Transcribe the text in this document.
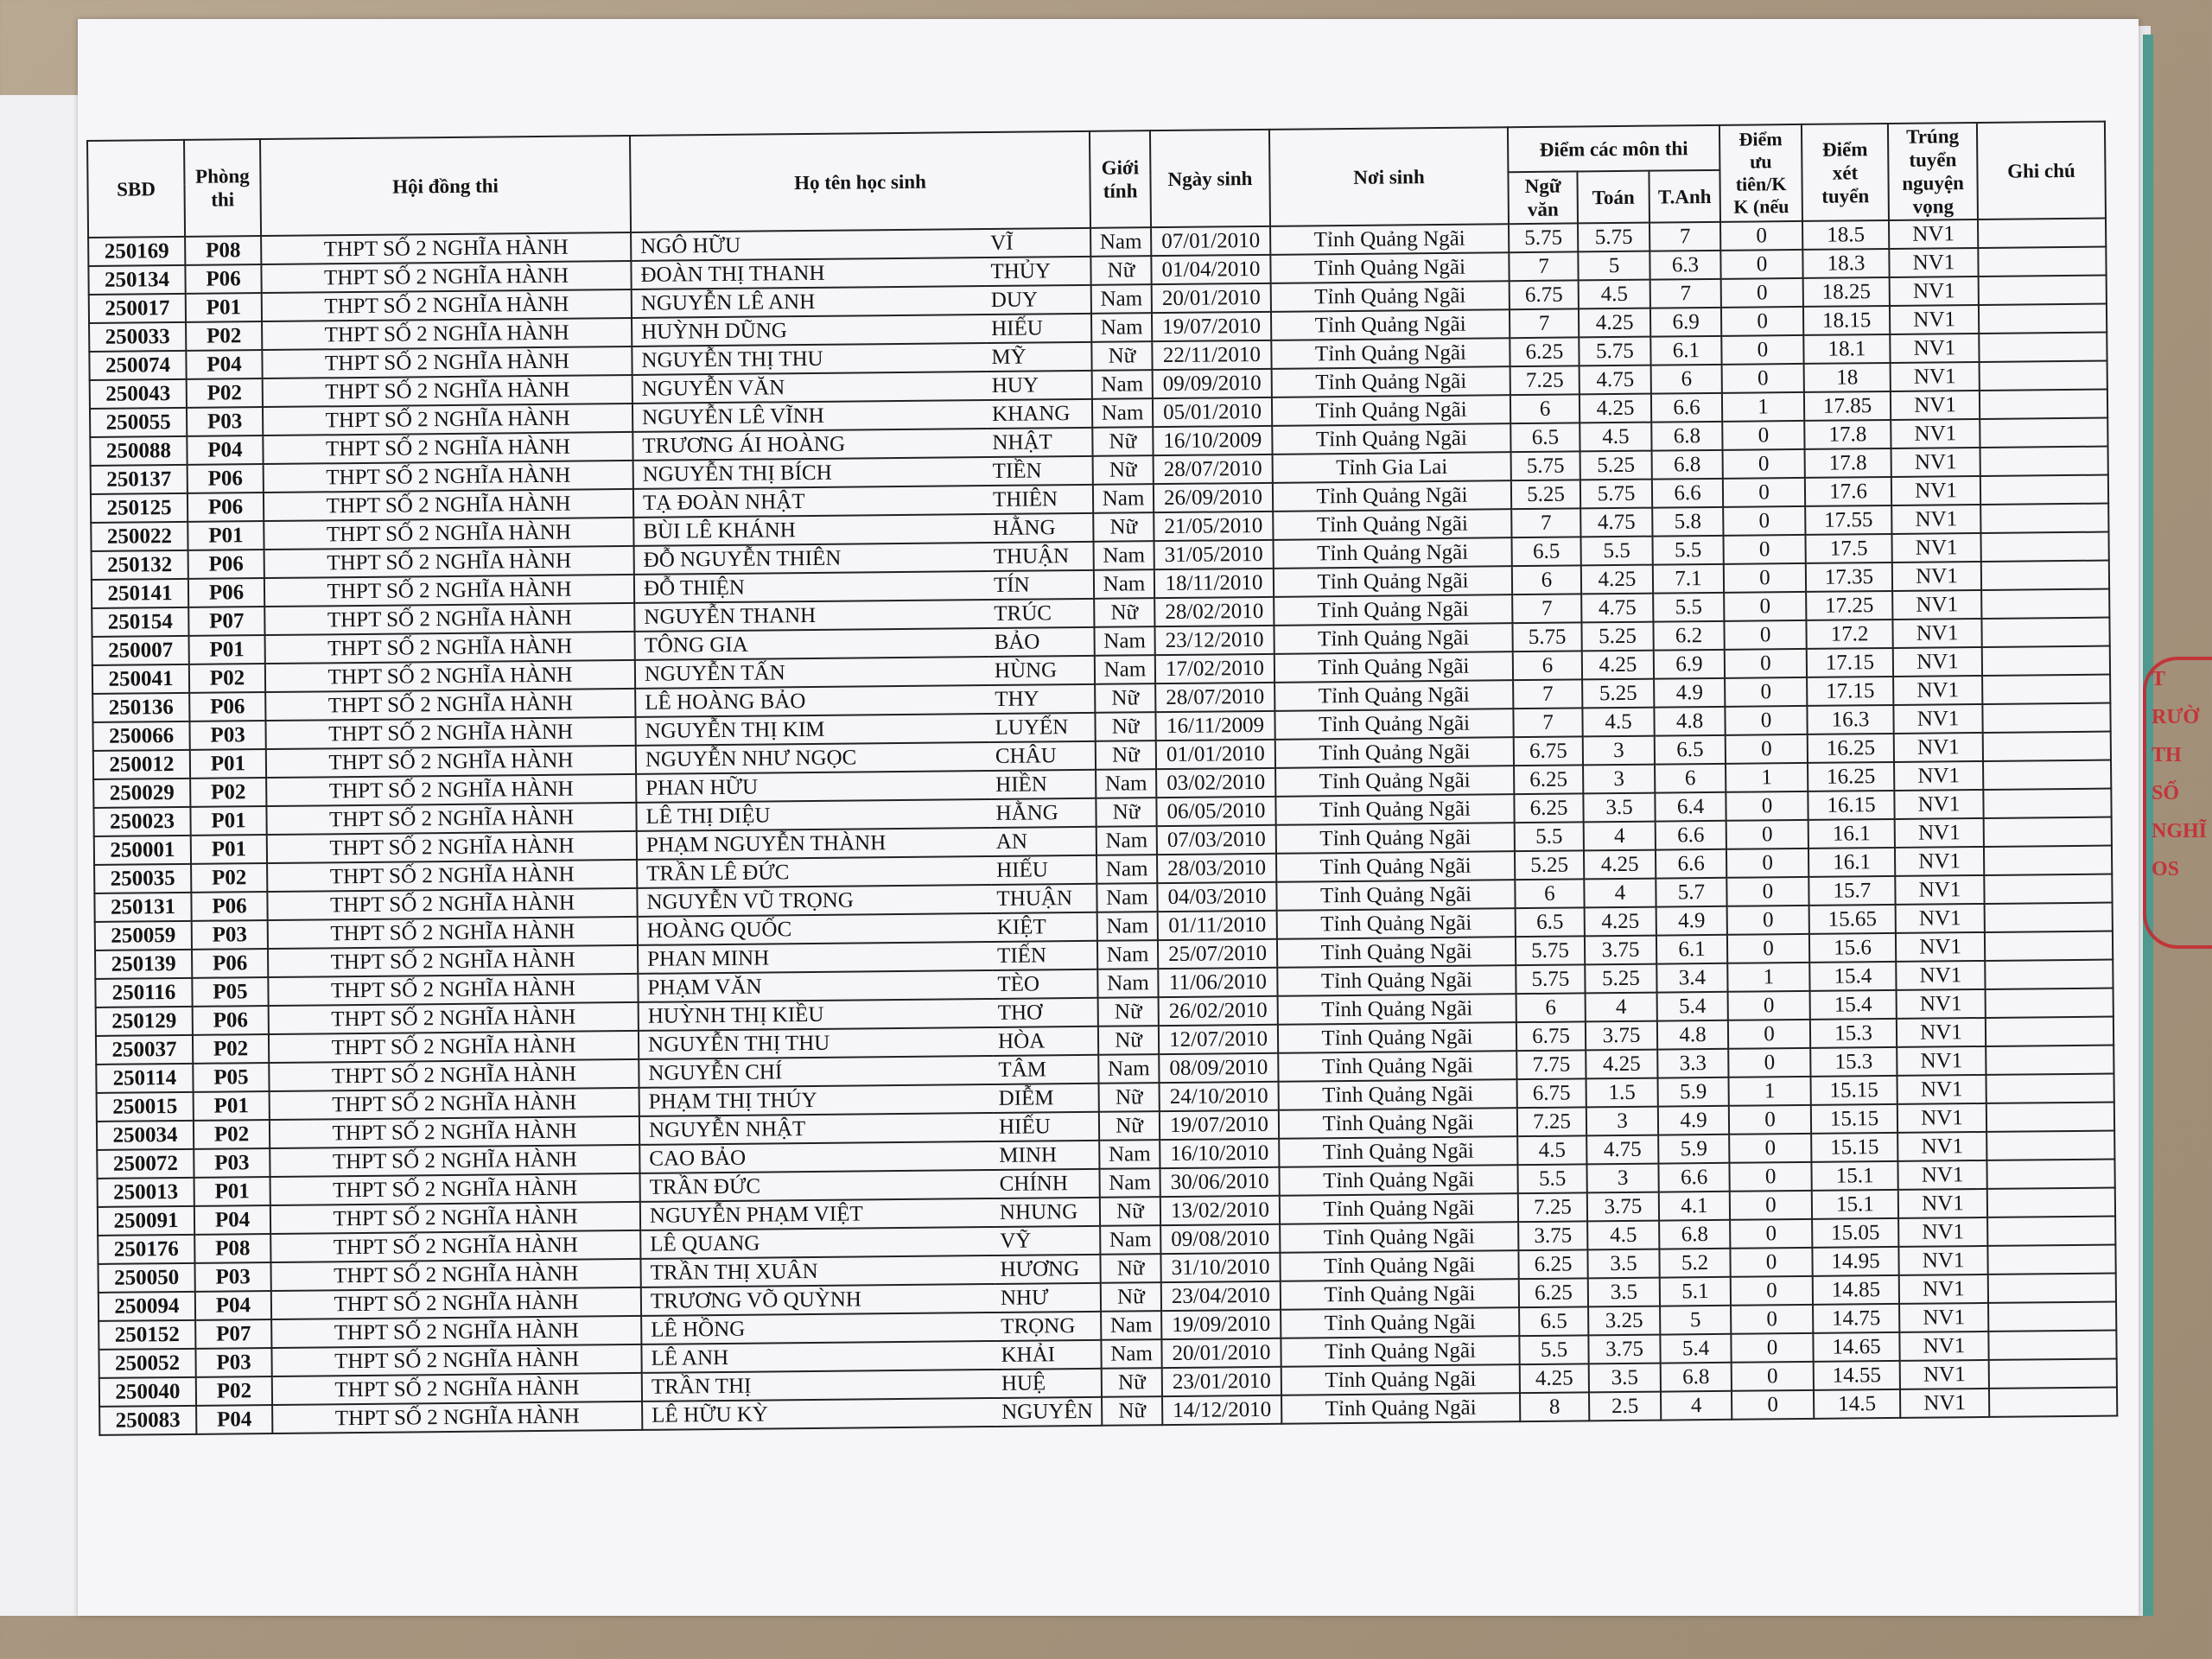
SBD	Phòng thi	Hội đồng thi	Họ tên học sinh		Giới tính	Ngày sinh	Nơi sinh	Điểm các môn thi			Điểm ưu tiên/K K (nếu	Điểm xét tuyển	Trúng tuyển nguyện vọng	Ghi chú
								Ngữ văn	Toán	T.Anh				
250169	P08	THPT SỐ 2 NGHĨA HÀNH	NGÔ HỮU	VĨ	Nam	07/01/2010	Tỉnh Quảng Ngãi	5.75	5.75	7	0	18.5	NV1	
250134	P06	THPT SỐ 2 NGHĨA HÀNH	ĐOÀN THỊ THANH	THỦY	Nữ	01/04/2010	Tỉnh Quảng Ngãi	7	5	6.3	0	18.3	NV1	
250017	P01	THPT SỐ 2 NGHĨA HÀNH	NGUYỄN LÊ ANH	DUY	Nam	20/01/2010	Tỉnh Quảng Ngãi	6.75	4.5	7	0	18.25	NV1	
250033	P02	THPT SỐ 2 NGHĨA HÀNH	HUỲNH DŨNG	HIẾU	Nam	19/07/2010	Tỉnh Quảng Ngãi	7	4.25	6.9	0	18.15	NV1	
250074	P04	THPT SỐ 2 NGHĨA HÀNH	NGUYỄN THỊ THU	MỸ	Nữ	22/11/2010	Tỉnh Quảng Ngãi	6.25	5.75	6.1	0	18.1	NV1	
250043	P02	THPT SỐ 2 NGHĨA HÀNH	NGUYỄN VĂN	HUY	Nam	09/09/2010	Tỉnh Quảng Ngãi	7.25	4.75	6	0	18	NV1	
250055	P03	THPT SỐ 2 NGHĨA HÀNH	NGUYỄN LÊ VĨNH	KHANG	Nam	05/01/2010	Tỉnh Quảng Ngãi	6	4.25	6.6	1	17.85	NV1	
250088	P04	THPT SỐ 2 NGHĨA HÀNH	TRƯƠNG ÁI HOÀNG	NHẬT	Nữ	16/10/2009	Tỉnh Quảng Ngãi	6.5	4.5	6.8	0	17.8	NV1	
250137	P06	THPT SỐ 2 NGHĨA HÀNH	NGUYỄN THỊ BÍCH	TIỀN	Nữ	28/07/2010	Tỉnh Gia Lai	5.75	5.25	6.8	0	17.8	NV1	
250125	P06	THPT SỐ 2 NGHĨA HÀNH	TẠ ĐOÀN NHẬT	THIÊN	Nam	26/09/2010	Tỉnh Quảng Ngãi	5.25	5.75	6.6	0	17.6	NV1	
250022	P01	THPT SỐ 2 NGHĨA HÀNH	BÙI LÊ KHÁNH	HẰNG	Nữ	21/05/2010	Tỉnh Quảng Ngãi	7	4.75	5.8	0	17.55	NV1	
250132	P06	THPT SỐ 2 NGHĨA HÀNH	ĐỖ NGUYỄN THIÊN	THUẬN	Nam	31/05/2010	Tỉnh Quảng Ngãi	6.5	5.5	5.5	0	17.5	NV1	
250141	P06	THPT SỐ 2 NGHĨA HÀNH	ĐỖ THIỆN	TÍN	Nam	18/11/2010	Tỉnh Quảng Ngãi	6	4.25	7.1	0	17.35	NV1	
250154	P07	THPT SỐ 2 NGHĨA HÀNH	NGUYỄN THANH	TRÚC	Nữ	28/02/2010	Tỉnh Quảng Ngãi	7	4.75	5.5	0	17.25	NV1	
250007	P01	THPT SỐ 2 NGHĨA HÀNH	TÔNG GIA	BẢO	Nam	23/12/2010	Tỉnh Quảng Ngãi	5.75	5.25	6.2	0	17.2	NV1	
250041	P02	THPT SỐ 2 NGHĨA HÀNH	NGUYỄN TẤN	HÙNG	Nam	17/02/2010	Tỉnh Quảng Ngãi	6	4.25	6.9	0	17.15	NV1	
250136	P06	THPT SỐ 2 NGHĨA HÀNH	LÊ HOÀNG BẢO	THY	Nữ	28/07/2010	Tỉnh Quảng Ngãi	7	5.25	4.9	0	17.15	NV1	
250066	P03	THPT SỐ 2 NGHĨA HÀNH	NGUYỄN THỊ KIM	LUYẾN	Nữ	16/11/2009	Tỉnh Quảng Ngãi	7	4.5	4.8	0	16.3	NV1	
250012	P01	THPT SỐ 2 NGHĨA HÀNH	NGUYỄN NHƯ NGỌC	CHÂU	Nữ	01/01/2010	Tỉnh Quảng Ngãi	6.75	3	6.5	0	16.25	NV1	
250029	P02	THPT SỐ 2 NGHĨA HÀNH	PHAN HỮU	HIỀN	Nam	03/02/2010	Tỉnh Quảng Ngãi	6.25	3	6	1	16.25	NV1	
250023	P01	THPT SỐ 2 NGHĨA HÀNH	LÊ THỊ DIỆU	HẰNG	Nữ	06/05/2010	Tỉnh Quảng Ngãi	6.25	3.5	6.4	0	16.15	NV1	
250001	P01	THPT SỐ 2 NGHĨA HÀNH	PHẠM NGUYỄN THÀNH	AN	Nam	07/03/2010	Tỉnh Quảng Ngãi	5.5	4	6.6	0	16.1	NV1	
250035	P02	THPT SỐ 2 NGHĨA HÀNH	TRẦN LÊ ĐỨC	HIẾU	Nam	28/03/2010	Tỉnh Quảng Ngãi	5.25	4.25	6.6	0	16.1	NV1	
250131	P06	THPT SỐ 2 NGHĨA HÀNH	NGUYỄN VŨ TRỌNG	THUẬN	Nam	04/03/2010	Tỉnh Quảng Ngãi	6	4	5.7	0	15.7	NV1	
250059	P03	THPT SỐ 2 NGHĨA HÀNH	HOÀNG QUỐC	KIỆT	Nam	01/11/2010	Tỉnh Quảng Ngãi	6.5	4.25	4.9	0	15.65	NV1	
250139	P06	THPT SỐ 2 NGHĨA HÀNH	PHAN MINH	TIẾN	Nam	25/07/2010	Tỉnh Quảng Ngãi	5.75	3.75	6.1	0	15.6	NV1	
250116	P05	THPT SỐ 2 NGHĨA HÀNH	PHẠM VĂN	TÈO	Nam	11/06/2010	Tỉnh Quảng Ngãi	5.75	5.25	3.4	1	15.4	NV1	
250129	P06	THPT SỐ 2 NGHĨA HÀNH	HUỲNH THỊ KIỀU	THƠ	Nữ	26/02/2010	Tỉnh Quảng Ngãi	6	4	5.4	0	15.4	NV1	
250037	P02	THPT SỐ 2 NGHĨA HÀNH	NGUYỄN THỊ THU	HÒA	Nữ	12/07/2010	Tỉnh Quảng Ngãi	6.75	3.75	4.8	0	15.3	NV1	
250114	P05	THPT SỐ 2 NGHĨA HÀNH	NGUYỄN CHÍ	TÂM	Nam	08/09/2010	Tỉnh Quảng Ngãi	7.75	4.25	3.3	0	15.3	NV1	
250015	P01	THPT SỐ 2 NGHĨA HÀNH	PHẠM THỊ THÚY	DIỄM	Nữ	24/10/2010	Tỉnh Quảng Ngãi	6.75	1.5	5.9	1	15.15	NV1	
250034	P02	THPT SỐ 2 NGHĨA HÀNH	NGUYỄN NHẬT	HIẾU	Nữ	19/07/2010	Tỉnh Quảng Ngãi	7.25	3	4.9	0	15.15	NV1	
250072	P03	THPT SỐ 2 NGHĨA HÀNH	CAO BẢO	MINH	Nam	16/10/2010	Tỉnh Quảng Ngãi	4.5	4.75	5.9	0	15.15	NV1	
250013	P01	THPT SỐ 2 NGHĨA HÀNH	TRẦN ĐỨC	CHÍNH	Nam	30/06/2010	Tỉnh Quảng Ngãi	5.5	3	6.6	0	15.1	NV1	
250091	P04	THPT SỐ 2 NGHĨA HÀNH	NGUYỄN PHẠM VIỆT	NHUNG	Nữ	13/02/2010	Tỉnh Quảng Ngãi	7.25	3.75	4.1	0	15.1	NV1	
250176	P08	THPT SỐ 2 NGHĨA HÀNH	LÊ QUANG	VỸ	Nam	09/08/2010	Tỉnh Quảng Ngãi	3.75	4.5	6.8	0	15.05	NV1	
250050	P03	THPT SỐ 2 NGHĨA HÀNH	TRẦN THỊ XUÂN	HƯƠNG	Nữ	31/10/2010	Tỉnh Quảng Ngãi	6.25	3.5	5.2	0	14.95	NV1	
250094	P04	THPT SỐ 2 NGHĨA HÀNH	TRƯƠNG VÕ QUỲNH	NHƯ	Nữ	23/04/2010	Tỉnh Quảng Ngãi	6.25	3.5	5.1	0	14.85	NV1	
250152	P07	THPT SỐ 2 NGHĨA HÀNH	LÊ HỒNG	TRỌNG	Nam	19/09/2010	Tỉnh Quảng Ngãi	6.5	3.25	5	0	14.75	NV1	
250052	P03	THPT SỐ 2 NGHĨA HÀNH	LÊ ANH	KHẢI	Nam	20/01/2010	Tỉnh Quảng Ngãi	5.5	3.75	5.4	0	14.65	NV1	
250040	P02	THPT SỐ 2 NGHĨA HÀNH	TRẦN THỊ	HUỆ	Nữ	23/01/2010	Tỉnh Quảng Ngãi	4.25	3.5	6.8	0	14.55	NV1	
250083	P04	THPT SỐ 2 NGHĨA HÀNH	LÊ HỮU KỲ	NGUYÊN	Nữ	14/12/2010	Tỉnh Quảng Ngãi	8	2.5	4	0	14.5	NV1	
T
RƯỜ
TH
SỐ
NGHĨ
OS
